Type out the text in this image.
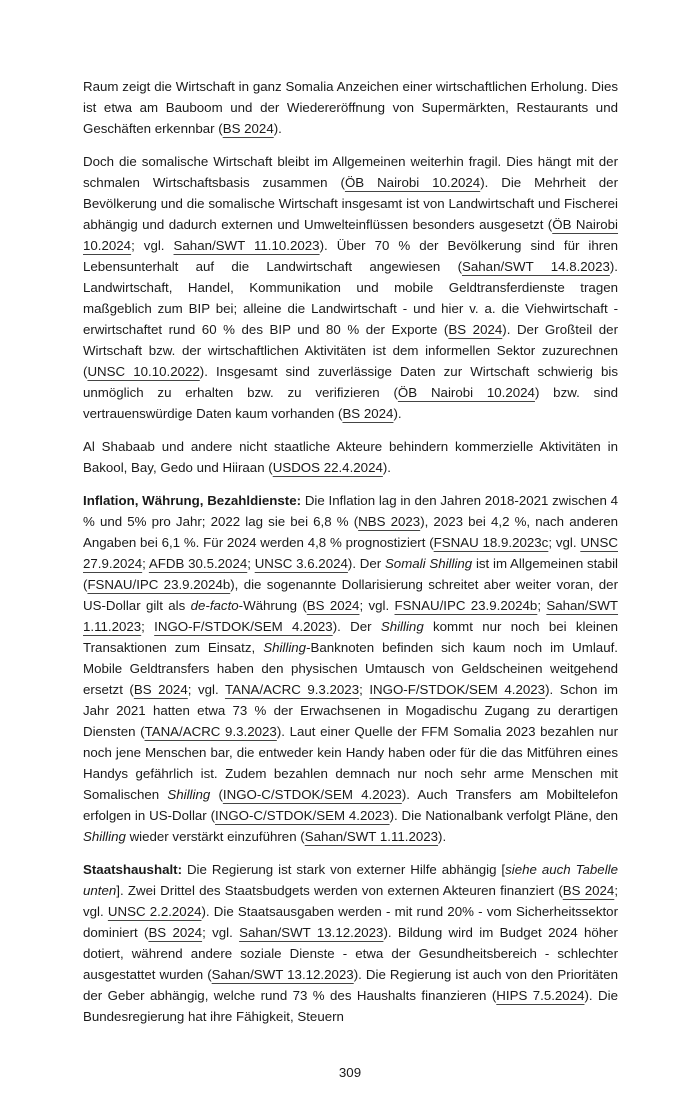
Raum zeigt die Wirtschaft in ganz Somalia Anzeichen einer wirtschaftlichen Erholung. Dies ist etwa am Bauboom und der Wiedereröffnung von Supermärkten, Restaurants und Geschäften erkennbar (BS 2024).

Doch die somalische Wirtschaft bleibt im Allgemeinen weiterhin fragil. Dies hängt mit der schmalen Wirtschaftsbasis zusammen (ÖB Nairobi 10.2024). Die Mehrheit der Bevölkerung und die somalische Wirtschaft insgesamt ist von Landwirtschaft und Fischerei abhängig und dadurch externen und Umwelteinflüssen besonders ausgesetzt (ÖB Nairobi 10.2024; vgl. Sahan/SWT 11.10.2023). Über 70 % der Bevölkerung sind für ihren Lebensunterhalt auf die Landwirtschaft angewiesen (Sahan/SWT 14.8.2023). Landwirtschaft, Handel, Kommunikation und mobile Geldtransferdienste tragen maßgeblich zum BIP bei; alleine die Landwirtschaft - und hier v. a. die Viehwirtschaft - erwirtschaftet rund 60 % des BIP und 80 % der Exporte (BS 2024). Der Großteil der Wirtschaft bzw. der wirtschaftlichen Aktivitäten ist dem informellen Sektor zuzurechnen (UNSC 10.10.2022). Insgesamt sind zuverlässige Daten zur Wirtschaft schwierig bis unmöglich zu erhalten bzw. zu verifizieren (ÖB Nairobi 10.2024) bzw. sind vertrauenswürdige Daten kaum vorhanden (BS 2024).

Al Shabaab und andere nicht staatliche Akteure behindern kommerzielle Aktivitäten in Bakool, Bay, Gedo und Hiiraan (USDOS 22.4.2024).

Inflation, Währung, Bezahldienste: Die Inflation lag in den Jahren 2018-2021 zwischen 4 % und 5% pro Jahr; 2022 lag sie bei 6,8 % (NBS 2023), 2023 bei 4,2 %, nach anderen Angaben bei 6,1 %. Für 2024 werden 4,8 % prognostiziert (FSNAU 18.9.2023c; vgl. UNSC 27.9.2024; AFDB 30.5.2024; UNSC 3.6.2024). Der Somali Shilling ist im Allgemeinen stabil (FSNAU/IPC 23.9.2024b), die sogenannte Dollarisierung schreitet aber weiter voran, der US-Dollar gilt als de-facto-Währung (BS 2024; vgl. FSNAU/IPC 23.9.2024b; Sahan/SWT 1.11.2023; INGO-F/​STDOK/SEM 4.2023). Der Shilling kommt nur noch bei kleinen Transaktionen zum Einsatz, Shilling-Banknoten befinden sich kaum noch im Umlauf. Mobile Geldtransfers haben den physischen Umtausch von Geldscheinen weitgehend ersetzt (BS 2024; vgl. TANA/ACRC 9.3.2023; INGO-F/STDOK/SEM 4.2023). Schon im Jahr 2021 hatten etwa 73 % der Erwachsenen in Mogadischu Zugang zu derartigen Diensten (TANA/ACRC 9.3.2023). Laut einer Quelle der FFM Somalia 2023 bezahlen nur noch jene Menschen bar, die entweder kein Handy haben oder für die das Mitführen eines Handys gefährlich ist. Zudem bezahlen demnach nur noch sehr arme Menschen mit Somalischen Shilling (INGO-C/STDOK/SEM 4.2023). Auch Transfers am Mobiltelefon erfolgen in US-Dollar (INGO-C/STDOK/SEM 4.2023). Die Nationalbank verfolgt Pläne, den Shilling wieder verstärkt einzuführen (Sahan/SWT 1.11.2023).

Staatshaushalt: Die Regierung ist stark von externer Hilfe abhängig [siehe auch Tabelle unten]. Zwei Drittel des Staatsbudgets werden von externen Akteuren finanziert (BS 2024; vgl. UNSC 2.2.2024). Die Staatsausgaben werden - mit rund 20% - vom Sicherheitssektor dominiert (BS 2024; vgl. Sahan/SWT 13.12.2023). Bildung wird im Budget 2024 höher dotiert, während andere soziale Dienste - etwa der Gesundheitsbereich - schlechter ausgestattet wurden (Sahan/SWT 13.12.2023). Die Regierung ist auch von den Prioritäten der Geber abhängig, welche rund 73 % des Haushalts finanzieren (HIPS 7.5.2024). Die Bundesregierung hat ihre Fähigkeit, Steuern

309
